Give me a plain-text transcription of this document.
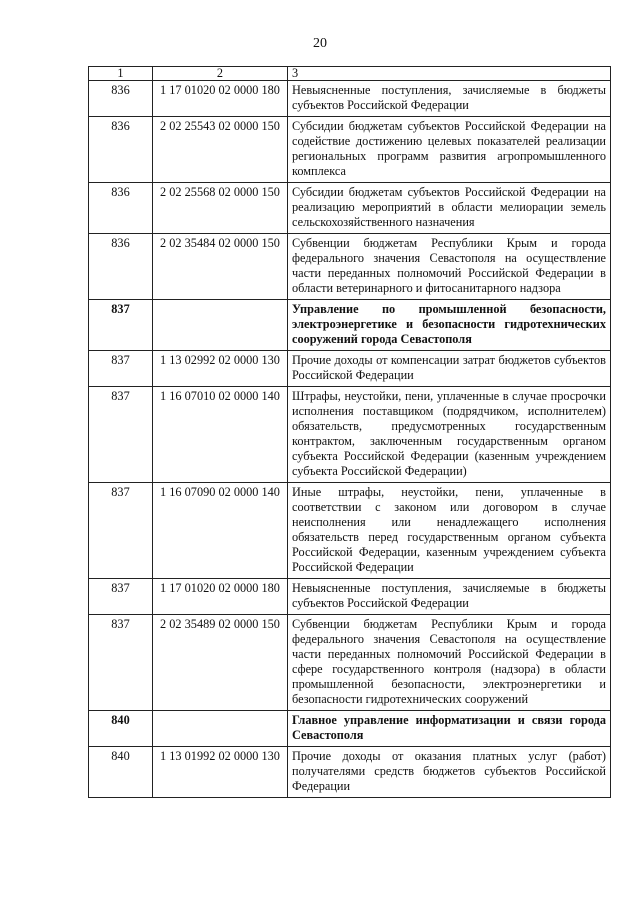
20
1	2	3
836	1 17 01020 02 0000 180	Невыясненные поступления, зачисляемые в бюджеты субъектов Российской Федерации
836	2 02 25543 02 0000 150	Субсидии бюджетам субъектов Российской Федерации на содействие достижению целевых показателей реализации региональных программ развития агропромышленного комплекса
836	2 02 25568 02 0000 150	Субсидии бюджетам субъектов Российской Федерации на реализацию мероприятий в области мелиорации земель сельскохозяйственного назначения
836	2 02 35484 02 0000 150	Субвенции бюджетам Республики Крым и города федерального значения Севастополя на осуществление части переданных полномочий Российской Федерации в области ветеринарного и фитосанитарного надзора
837		Управление по промышленной безопасности, электроэнергетике и безопасности гидротехнических сооружений города Севастополя
837	1 13 02992 02 0000 130	Прочие доходы от компенсации затрат бюджетов субъектов Российской Федерации
837	1 16 07010 02 0000 140	Штрафы, неустойки, пени, уплаченные в случае просрочки исполнения поставщиком (подрядчиком, исполнителем) обязательств, предусмотренных государственным контрактом, заключенным государственным органом субъекта Российской Федерации (казенным учреждением субъекта Российской Федерации)
837	1 16 07090 02 0000 140	Иные штрафы, неустойки, пени, уплаченные в соответствии с законом или договором в случае неисполнения или ненадлежащего исполнения обязательств перед государственным органом субъекта Российской Федерации, казенным учреждением субъекта Российской Федерации
837	1 17 01020 02 0000 180	Невыясненные поступления, зачисляемые в бюджеты субъектов Российской Федерации
837	2 02 35489 02 0000 150	Субвенции бюджетам Республики Крым и города федерального значения Севастополя на осуществление части переданных полномочий Российской Федерации в сфере государственного контроля (надзора) в области промышленной безопасности, электроэнергетики и безопасности гидротехнических сооружений
840		Главное управление информатизации и связи города Севастополя
840	1 13 01992 02 0000 130	Прочие доходы от оказания платных услуг (работ) получателями средств бюджетов субъектов Российской Федерации
